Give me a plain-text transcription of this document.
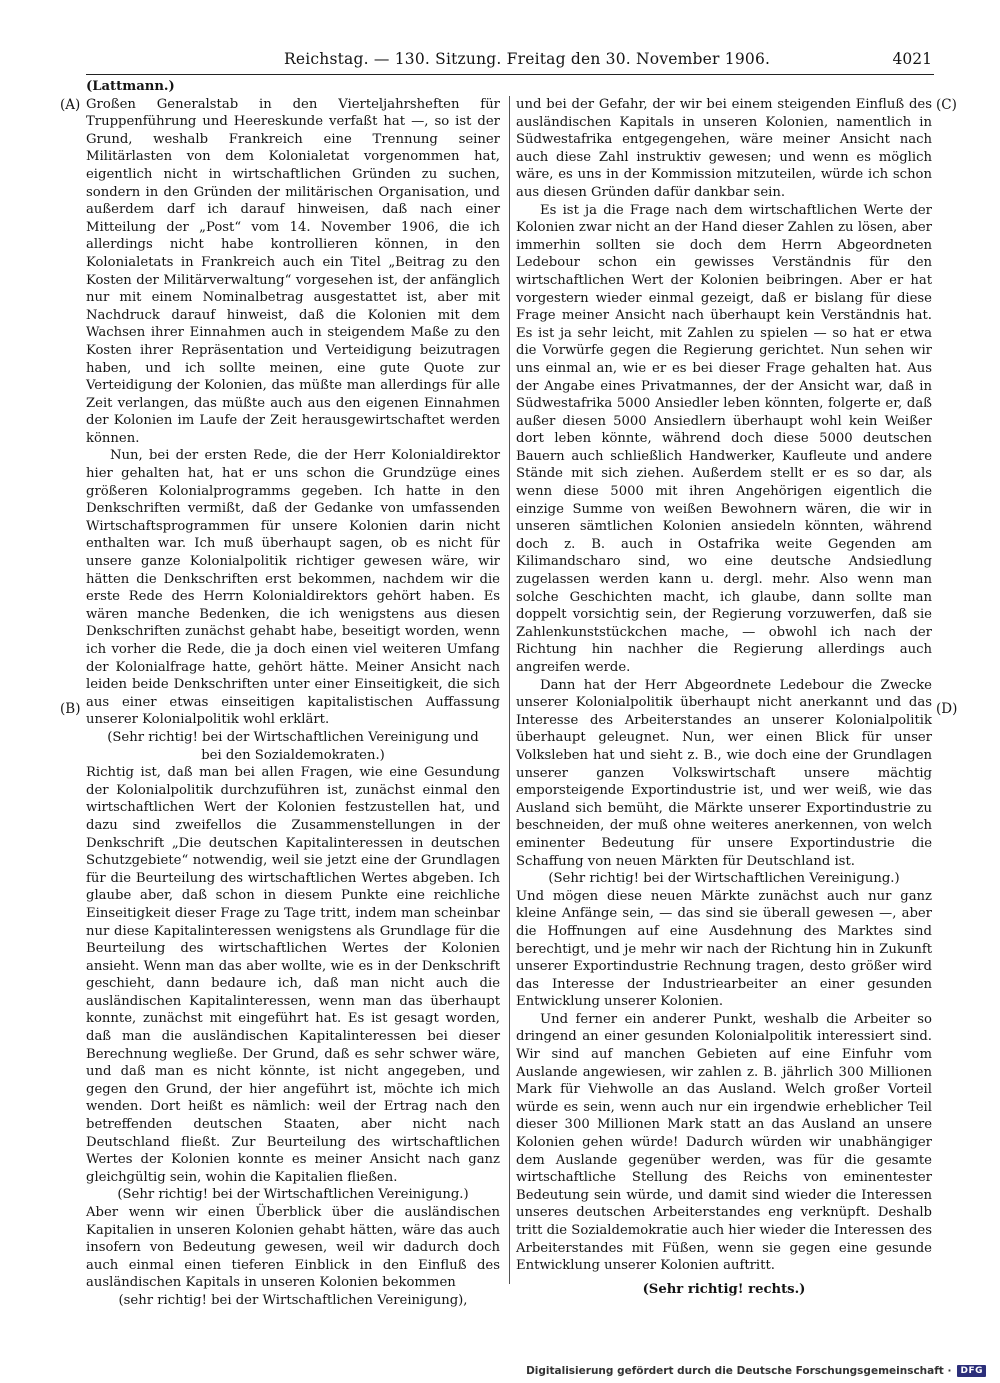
Reichstag. — 130. Sitzung. Freitag den 30. November 1906.	4021
(A)
(B)
(C)
(D)

(Lattmann.)

Großen Generalstab in den Vierteljahrsheften für Truppenführung und Heereskunde verfaßt hat —, so ist der Grund, weshalb Frankreich eine Trennung seiner Militärlasten von dem Kolonialetat vorgenommen hat, eigentlich nicht in wirtschaftlichen Gründen zu suchen, sondern in den Gründen der militärischen Organisation, und außerdem darf ich darauf hinweisen, daß nach einer Mitteilung der „Post“ vom 14. November 1906, die ich allerdings nicht habe kontrollieren können, in den Kolonialetats in Frankreich auch ein Titel „Beitrag zu den Kosten der Militärverwaltung“ vorgesehen ist, der anfänglich nur mit einem Nominalbetrag ausgestattet ist, aber mit Nachdruck darauf hinweist, daß die Kolonien mit dem Wachsen ihrer Einnahmen auch in steigendem Maße zu den Kosten ihrer Repräsentation und Verteidigung beizutragen haben, und ich sollte meinen, eine gute Quote zur Verteidigung der Kolonien, das müßte man allerdings für alle Zeit verlangen, das müßte auch aus den eigenen Einnahmen der Kolonien im Laufe der Zeit herausgewirtschaftet werden können.

Nun, bei der ersten Rede, die der Herr Kolonialdirektor hier gehalten hat, hat er uns schon die Grundzüge eines größeren Kolonialprogramms gegeben. Ich hatte in den Denkschriften vermißt, daß der Gedanke von umfassenden Wirtschaftsprogrammen für unsere Kolonien darin nicht enthalten war. Ich muß überhaupt sagen, ob es nicht für unsere ganze Kolonialpolitik richtiger gewesen wäre, wir hätten die Denkschriften erst bekommen, nachdem wir die erste Rede des Herrn Kolonialdirektors gehört haben. Es wären manche Bedenken, die ich wenigstens aus diesen Denkschriften zunächst gehabt habe, beseitigt worden, wenn ich vorher die Rede, die ja doch einen viel weiteren Umfang der Kolonialfrage hatte, gehört hätte. Meiner Ansicht nach leiden beide Denkschriften unter einer Einseitigkeit, die sich aus einer etwas einseitigen kapitalistischen Auffassung unserer Kolonialpolitik wohl erklärt.

(Sehr richtig! bei der Wirtschaftlichen Vereinigung und bei den Sozialdemokraten.)

Richtig ist, daß man bei allen Fragen, wie eine Gesundung der Kolonialpolitik durchzuführen ist, zunächst einmal den wirtschaftlichen Wert der Kolonien festzustellen hat, und dazu sind zweifellos die Zusammenstellungen in der Denkschrift „Die deutschen Kapitalinteressen in deutschen Schutzgebiete“ notwendig, weil sie jetzt eine der Grundlagen für die Beurteilung des wirtschaftlichen Wertes abgeben. Ich glaube aber, daß schon in diesem Punkte eine reichliche Einseitigkeit dieser Frage zu Tage tritt, indem man scheinbar nur diese Kapitalinteressen wenigstens als Grundlage für die Beurteilung des wirtschaftlichen Wertes der Kolonien ansieht. Wenn man das aber wollte, wie es in der Denkschrift geschieht, dann bedaure ich, daß man nicht auch die ausländischen Kapitalinteressen, wenn man das überhaupt konnte, zunächst mit eingeführt hat. Es ist gesagt worden, daß man die ausländischen Kapitalinteressen bei dieser Berechnung wegließe. Der Grund, daß es sehr schwer wäre, und daß man es nicht könnte, ist nicht angegeben, und gegen den Grund, der hier angeführt ist, möchte ich mich wenden. Dort heißt es nämlich: weil der Ertrag nach den betreffenden deutschen Staaten, aber nicht nach Deutschland fließt. Zur Beurteilung des wirtschaftlichen Wertes der Kolonien konnte es meiner Ansicht nach ganz gleichgültig sein, wohin die Kapitalien fließen.

(Sehr richtig! bei der Wirtschaftlichen Vereinigung.)

Aber wenn wir einen Überblick über die ausländischen Kapitalien in unseren Kolonien gehabt hätten, wäre das auch insofern von Bedeutung gewesen, weil wir dadurch doch auch einmal einen tieferen Einblick in den Einfluß des ausländischen Kapitals in unseren Kolonien bekommen

(sehr richtig! bei der Wirtschaftlichen Vereinigung),

und bei der Gefahr, der wir bei einem steigenden Einfluß des ausländischen Kapitals in unseren Kolonien, namentlich in Südwestafrika entgegengehen, wäre meiner Ansicht nach auch diese Zahl instruktiv gewesen; und wenn es möglich wäre, es uns in der Kommission mitzuteilen, würde ich schon aus diesen Gründen dafür dankbar sein.

Es ist ja die Frage nach dem wirtschaftlichen Werte der Kolonien zwar nicht an der Hand dieser Zahlen zu lösen, aber immerhin sollten sie doch dem Herrn Abgeordneten Ledebour schon ein gewisses Verständnis für den wirtschaftlichen Wert der Kolonien beibringen. Aber er hat vorgestern wieder einmal gezeigt, daß er bislang für diese Frage meiner Ansicht nach überhaupt kein Verständnis hat. Es ist ja sehr leicht, mit Zahlen zu spielen — so hat er etwa die Vorwürfe gegen die Regierung gerichtet. Nun sehen wir uns einmal an, wie er es bei dieser Frage gehalten hat. Aus der Angabe eines Privatmannes, der der Ansicht war, daß in Südwestafrika 5000 Ansiedler leben könnten, folgerte er, daß außer diesen 5000 Ansiedlern überhaupt wohl kein Weißer dort leben könnte, während doch diese 5000 deutschen Bauern auch schließlich Handwerker, Kaufleute und andere Stände mit sich ziehen. Außerdem stellt er es so dar, als wenn diese 5000 mit ihren Angehörigen eigentlich die einzige Summe von weißen Bewohnern wären, die wir in unseren sämtlichen Kolonien ansiedeln könnten, während doch z. B. auch in Ostafrika weite Gegenden am Kilimandscharo sind, wo eine deutsche Andsiedlung zugelassen werden kann u. dergl. mehr. Also wenn man solche Geschichten macht, ich glaube, dann sollte man doppelt vorsichtig sein, der Regierung vorzuwerfen, daß sie Zahlenkunststückchen mache, — obwohl ich nach der Richtung hin nachher die Regierung allerdings auch angreifen werde.

Dann hat der Herr Abgeordnete Ledebour die Zwecke unserer Kolonialpolitik überhaupt nicht anerkannt und das Interesse des Arbeiterstandes an unserer Kolonialpolitik überhaupt geleugnet. Nun, wer einen Blick für unser Volksleben hat und sieht z. B., wie doch eine der Grundlagen unserer ganzen Volkswirtschaft unsere mächtig emporsteigende Exportindustrie ist, und wer weiß, wie das Ausland sich bemüht, die Märkte unserer Exportindustrie zu beschneiden, der muß ohne weiteres anerkennen, von welch eminenter Bedeutung für unsere Exportindustrie die Schaffung von neuen Märkten für Deutschland ist.

(Sehr richtig! bei der Wirtschaftlichen Vereinigung.)

Und mögen diese neuen Märkte zunächst auch nur ganz kleine Anfänge sein, — das sind sie überall gewesen —, aber die Hoffnungen auf eine Ausdehnung des Marktes sind berechtigt, und je mehr wir nach der Richtung hin in Zukunft unserer Exportindustrie Rechnung tragen, desto größer wird das Interesse der Industriearbeiter an einer gesunden Entwicklung unserer Kolonien.

Und ferner ein anderer Punkt, weshalb die Arbeiter so dringend an einer gesunden Kolonialpolitik interessiert sind. Wir sind auf manchen Gebieten auf eine Einfuhr vom Auslande angewiesen, wir zahlen z. B. jährlich 300 Millionen Mark für Viehwolle an das Ausland. Welch großer Vorteil würde es sein, wenn auch nur ein irgendwie erheblicher Teil dieser 300 Millionen Mark statt an das Ausland an unsere Kolonien gehen würde! Dadurch würden wir unabhängiger dem Auslande gegenüber werden, was für die gesamte wirtschaftliche Stellung des Reichs von eminentester Bedeutung sein würde, und damit sind wieder die Interessen unseres deutschen Arbeiterstandes eng verknüpft. Deshalb tritt die Sozialdemokratie auch hier wieder die Interessen des Arbeiterstandes mit Füßen, wenn sie gegen eine gesunde Entwicklung unserer Kolonien auftritt.

(Sehr richtig! rechts.)

Digitalisierung gefördert durch die Deutsche Forschungsgemeinschaft ·	DFG
